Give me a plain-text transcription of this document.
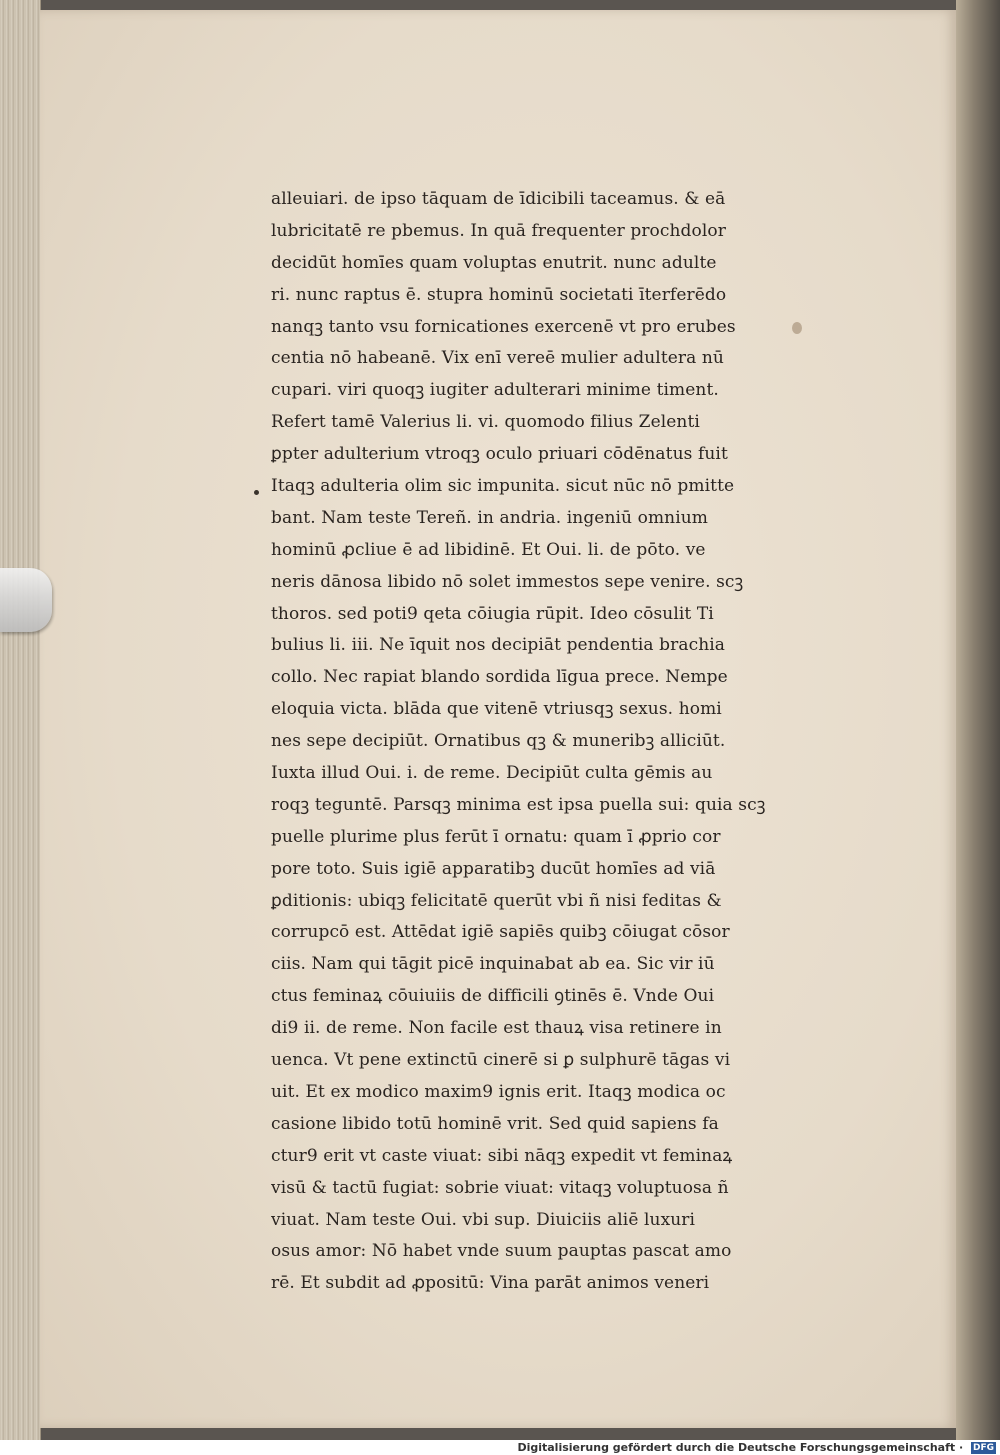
alleuiari. de ipso tāquam de īdicibili taceamus. & eā
lubricitatē re pbemus. In quā frequenter prochdolor
decidūt homīes quam voluptas enutrit. nunc adulte
ri. nunc raptus ē. stupra hominū societati īterferēdo
nanqꝫ tanto vsu fornicationes exercenē vt pro erubes
centia nō habeanē. Vix enī vereē mulier adultera nū
cupari. viri quoqꝫ iugiter adulterari minime timent.
Refert tamē Valerius li. vi. quomodo filius Zelenti
ꝑpter adulterium vtroqꝫ oculo priuari cōdēnatus fuit
Itaqꝫ adulteria olim sic impunita. sicut nūc nō pmitte
bant. Nam teste Tereñ. in andria. ingeniū omnium
hominū ꝓcliue ē ad libidinē. Et Oui. li. de pōto. ve
neris dānosa libido nō solet immestos sepe venire. scꝫ
thoros. sed poti9 qeta cōiugia rūpit. Ideo cōsulit Ti
bulius li. iii. Ne īquit nos decipiāt pendentia brachia
collo. Nec rapiat blando sordida līgua prece. Nempe
eloquia victa. blāda que vitenē vtriusqꝫ sexus. homi
nes sepe decipiūt. Ornatibus qꝫ & muneribꝫ alliciūt.
Iuxta illud Oui. i. de reme. Decipiūt culta gēmis au
roqꝫ teguntē. Parsqꝫ minima est ipsa puella sui: quia scꝫ
puelle plurime plus ferūt ī ornatu: quam ī ꝓprio cor
pore toto. Suis igiē apparatibꝫ ducūt homīes ad viā
ꝑditionis: ubiqꝫ felicitatē querūt vbi ñ nisi feditas &
corrupcō est. Attēdat igiē sapiēs quibꝫ cōiugat cōsor
ciis. Nam qui tāgit picē inquinabat ab ea. Sic vir iū
ctus feminaꝝ cōuiuiis de difficili ꝯtinēs ē. Vnde Oui
di9 ii. de reme. Non facile est thauꝝ visa retinere in
uenca. Vt pene extinctū cinerē si ꝑ sulphurē tāgas vi
uit. Et ex modico maxim9 ignis erit. Itaqꝫ modica oc
casione libido totū hominē vrit. Sed quid sapiens fa
ctur9 erit vt caste viuat: sibi nāqꝫ expedit vt feminaꝝ
visū & tactū fugiat: sobrie viuat: vitaqꝫ voluptuosa ñ
viuat. Nam teste Oui. vbi sup. Diuiciis aliē luxuri
osus amor: Nō habet vnde suum pauptas pascat amo
rē. Et subdit ad ꝓpositū: Vina parāt animos veneri
Digitalisierung gefördert durch die Deutsche Forschungsgemeinschaft · DFG
